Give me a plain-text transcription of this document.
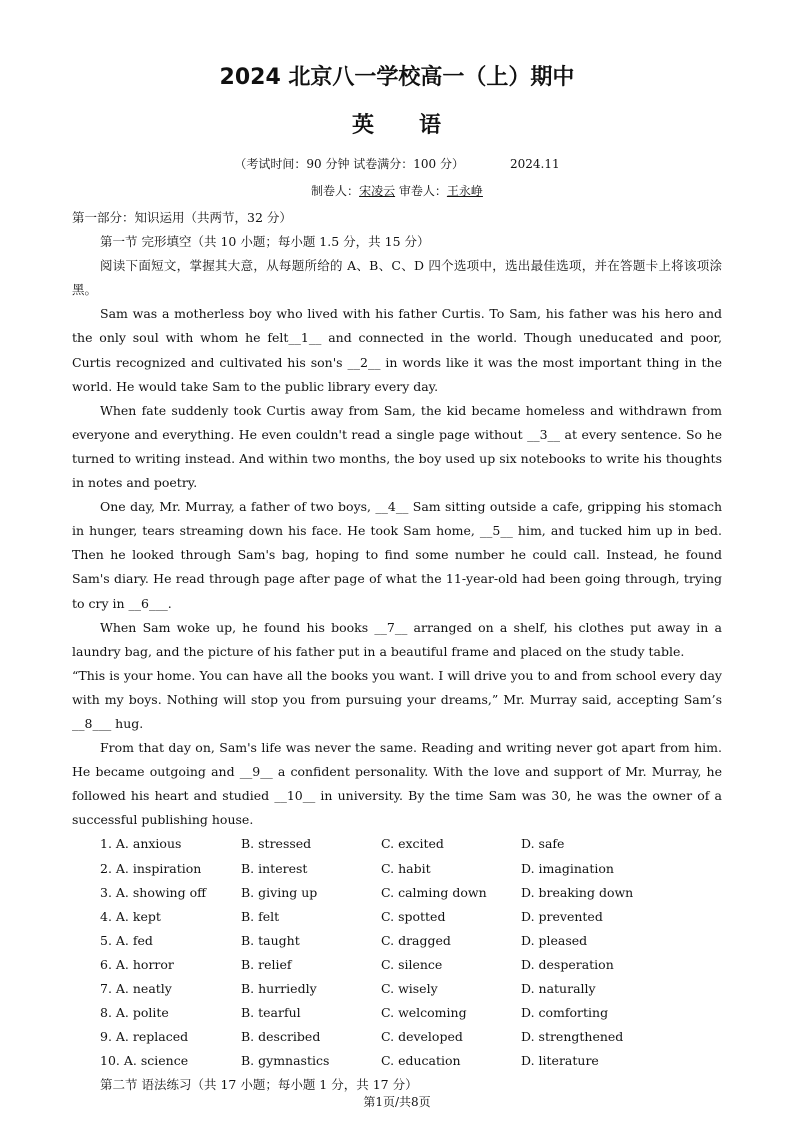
2024 北京八一学校高一（上）期中
英 语
（考试时间：90 分钟 试卷满分：100 分）	2024.11
制卷人：宋凌云 审卷人：王永峥

第一部分：知识运用（共两节，32 分）

第一节 完形填空（共 10 小题；每小题 1.5 分，共 15 分）

阅读下面短文，掌握其大意，从每题所给的 A、B、C、D 四个选项中，选出最佳选项，并在答题卡上将该项涂黑。

Sam was a motherless boy who lived with his father Curtis. To Sam, his father was his hero and the only soul with whom he felt__1__ and connected in the world. Though uneducated and poor, Curtis recognized and cultivated his son's __2__ in words like it was the most important thing in the world. He would take Sam to the public library every day.

When fate suddenly took Curtis away from Sam, the kid became homeless and withdrawn from everyone and everything. He even couldn't read a single page without __3__ at every sentence. So he turned to writing instead. And within two months, the boy used up six notebooks to write his thoughts in notes and poetry.

One day, Mr. Murray, a father of two boys, __4__ Sam sitting outside a cafe, gripping his stomach in hunger, tears streaming down his face. He took Sam home, __5__ him, and tucked him up in bed. Then he looked through Sam's bag, hoping to find some number he could call. Instead, he found Sam's diary. He read through page after page of what the 11-year-old had been going through, trying to cry in __6___.

When Sam woke up, he found his books __7__ arranged on a shelf, his clothes put away in a laundry bag, and the picture of his father put in a beautiful frame and placed on the study table.

“This is your home. You can have all the books you want. I will drive you to and from school every day with my boys. Nothing will stop you from pursuing your dreams,” Mr. Murray said, accepting Sam’s __8___ hug.

From that day on, Sam's life was never the same. Reading and writing never got apart from him. He became outgoing and __9__ a confident personality. With the love and support of Mr. Murray, he followed his heart and studied __10__ in university. By the time Sam was 30, he was the owner of a successful publishing house.

1. A. anxious	B. stressed	C. excited	D. safe
2. A. inspiration	B. interest	C. habit	D. imagination
3. A. showing off	B. giving up	C. calming down	D. breaking down
4. A. kept	B. felt	C. spotted	D. prevented
5. A. fed	B. taught	C. dragged	D. pleased
6. A. horror	B. relief	C. silence	D. desperation
7. A. neatly	B. hurriedly	C. wisely	D. naturally
8. A. polite	B. tearful	C. welcoming	D. comforting
9. A. replaced	B. described	C. developed	D. strengthened
10. A. science	B. gymnastics	C. education	D. literature

第二节 语法练习（共 17 小题；每小题 1 分，共 17 分）

第1页/共8页
